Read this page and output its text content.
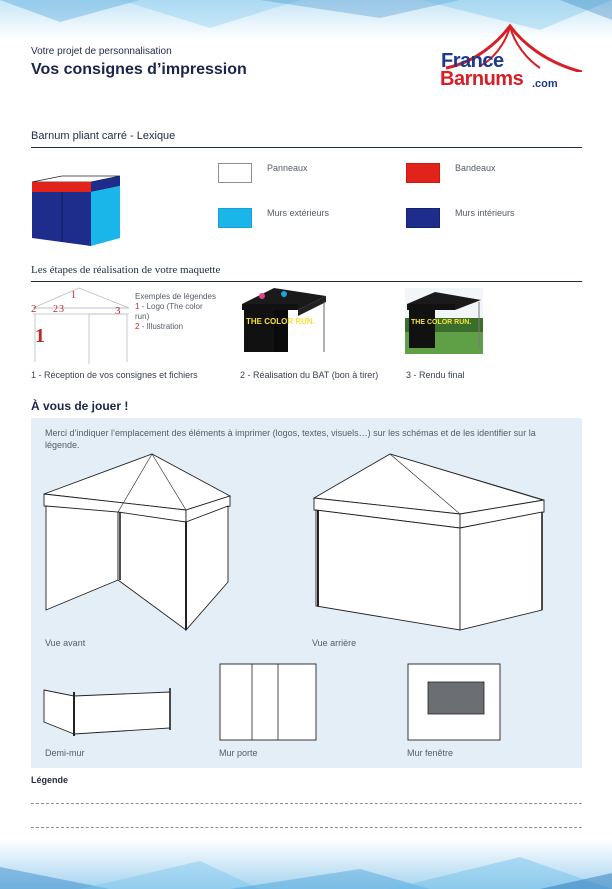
Votre projet de personnalisation
Vos consignes d’impression	France
Barnums .com
Barnum pliant carré - Lexique
Panneaux	Bandeaux
Murs extérieurs	Murs intérieurs
Les étapes de réalisation de votre maquette
2	3
2
1
3
1
Exemples de légendes
1 - Logo (The color run)
2 - Illustration
THE COLOR RUN.	THE COLOR RUN.
1 - Réception de vos consignes et fichiers	2 - Réalisation du BAT (bon à tirer)	3 - Rendu final
À vous de jouer !
Merci d’indiquer l’emplacement des éléments à imprimer (logos, textes, visuels…) sur les schémas et de les identifier sur la légende.
Vue avant	Vue arrière
Demi-mur	Mur porte	Mur fenêtre
Légende
